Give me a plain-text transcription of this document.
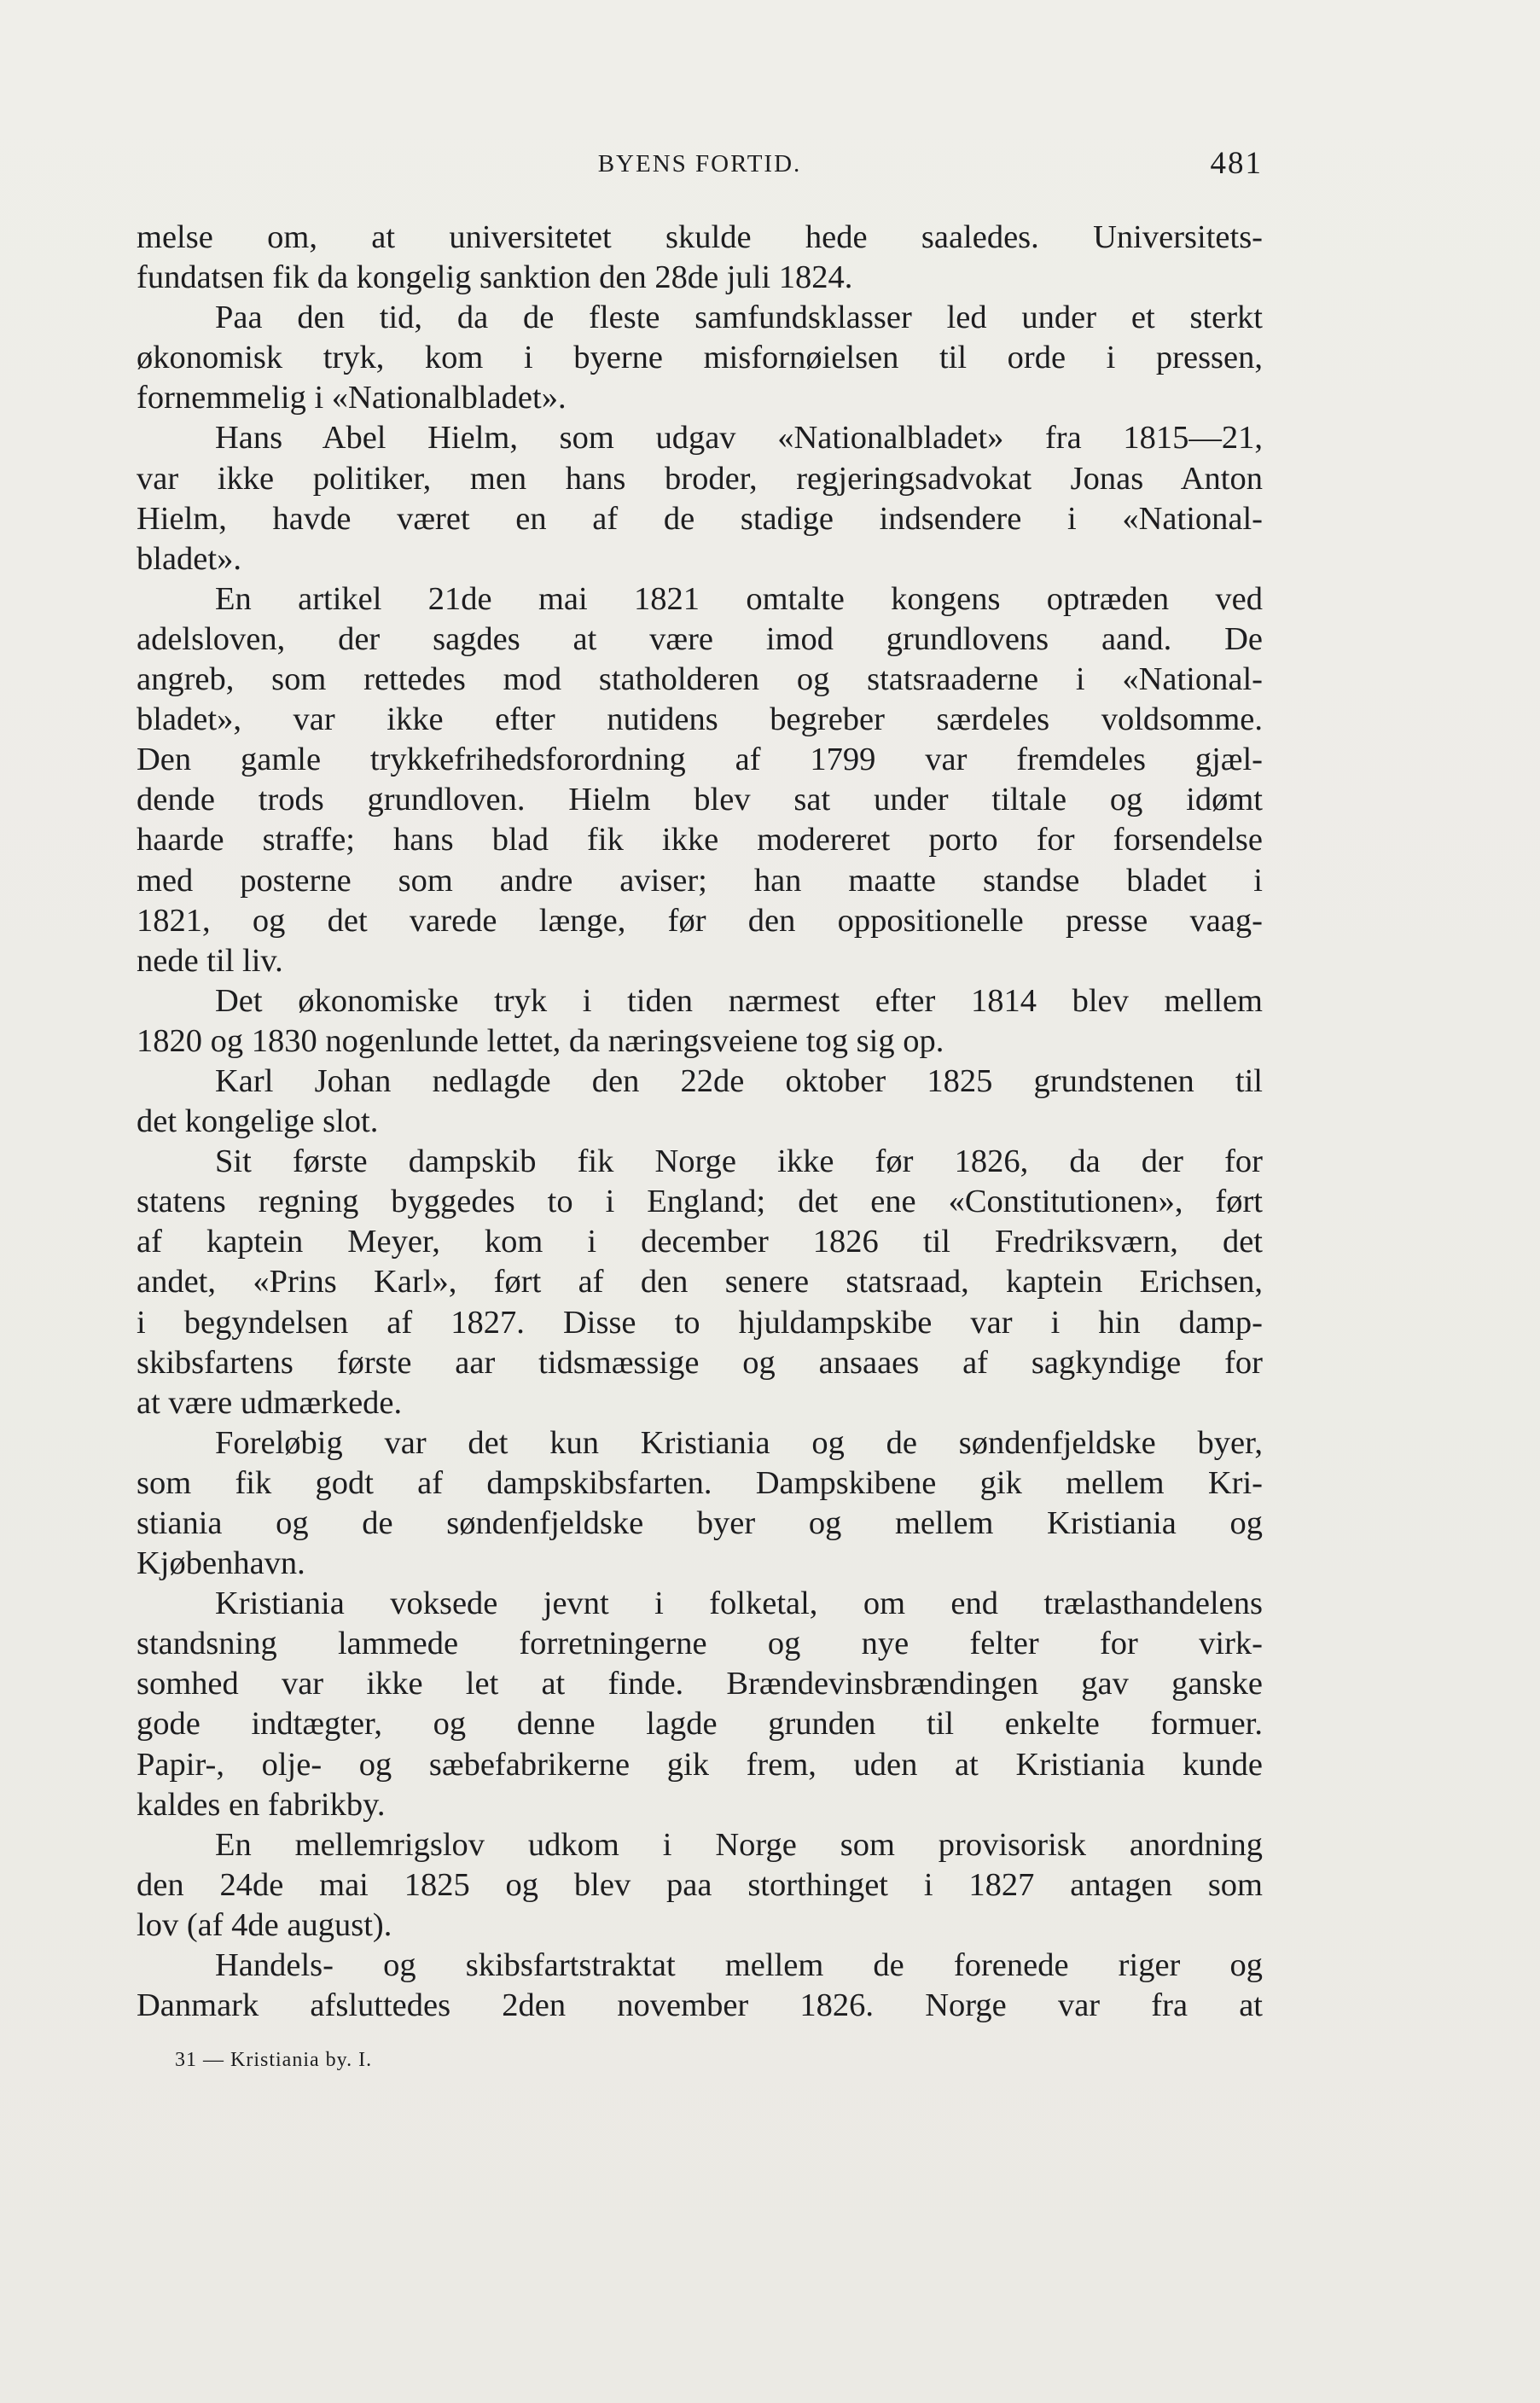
BYENS FORTID.	481
melse om, at universitetet skulde hede saaledes. Universitets-
fundatsen fik da kongelig sanktion den 28de juli 1824.
Paa den tid, da de fleste samfundsklasser led under et sterkt
økonomisk tryk, kom i byerne misfornøielsen til orde i pressen,
fornemmelig i «Nationalbladet».
Hans Abel Hielm, som udgav «Nationalbladet» fra 1815—21,
var ikke politiker, men hans broder, regjeringsadvokat Jonas Anton
Hielm, havde været en af de stadige indsendere i «National-
bladet».
En artikel 21de mai 1821 omtalte kongens optræden ved
adelsloven, der sagdes at være imod grundlovens aand. De
angreb, som rettedes mod statholderen og statsraaderne i «National-
bladet», var ikke efter nutidens begreber særdeles voldsomme.
Den gamle trykkefrihedsforordning af 1799 var fremdeles gjæl-
dende trods grundloven. Hielm blev sat under tiltale og idømt
haarde straffe; hans blad fik ikke modereret porto for forsendelse
med posterne som andre aviser; han maatte standse bladet i
1821, og det varede længe, før den oppositionelle presse vaag-
nede til liv.
Det økonomiske tryk i tiden nærmest efter 1814 blev mellem
1820 og 1830 nogenlunde lettet, da næringsveiene tog sig op.
Karl Johan nedlagde den 22de oktober 1825 grundstenen til
det kongelige slot.
Sit første dampskib fik Norge ikke før 1826, da der for
statens regning byggedes to i England; det ene «Constitutionen», ført
af kaptein Meyer, kom i december 1826 til Fredriksværn, det
andet, «Prins Karl», ført af den senere statsraad, kaptein Erichsen,
i begyndelsen af 1827. Disse to hjuldampskibe var i hin damp-
skibsfartens første aar tidsmæssige og ansaaes af sagkyndige for
at være udmærkede.
Foreløbig var det kun Kristiania og de søndenfjeldske byer,
som fik godt af dampskibsfarten. Dampskibene gik mellem Kri-
stiania og de søndenfjeldske byer og mellem Kristiania og
Kjøbenhavn.
Kristiania voksede jevnt i folketal, om end trælasthandelens
standsning lammede forretningerne og nye felter for virk-
somhed var ikke let at finde. Brændevinsbrændingen gav ganske
gode indtægter, og denne lagde grunden til enkelte formuer.
Papir-, olje- og sæbefabrikerne gik frem, uden at Kristiania kunde
kaldes en fabrikby.
En mellemrigslov udkom i Norge som provisorisk anordning
den 24de mai 1825 og blev paa storthinget i 1827 antagen som
lov (af 4de august).
Handels- og skibsfartstraktat mellem de forenede riger og
Danmark afsluttedes 2den november 1826. Norge var fra at
31 — Kristiania by. I.
